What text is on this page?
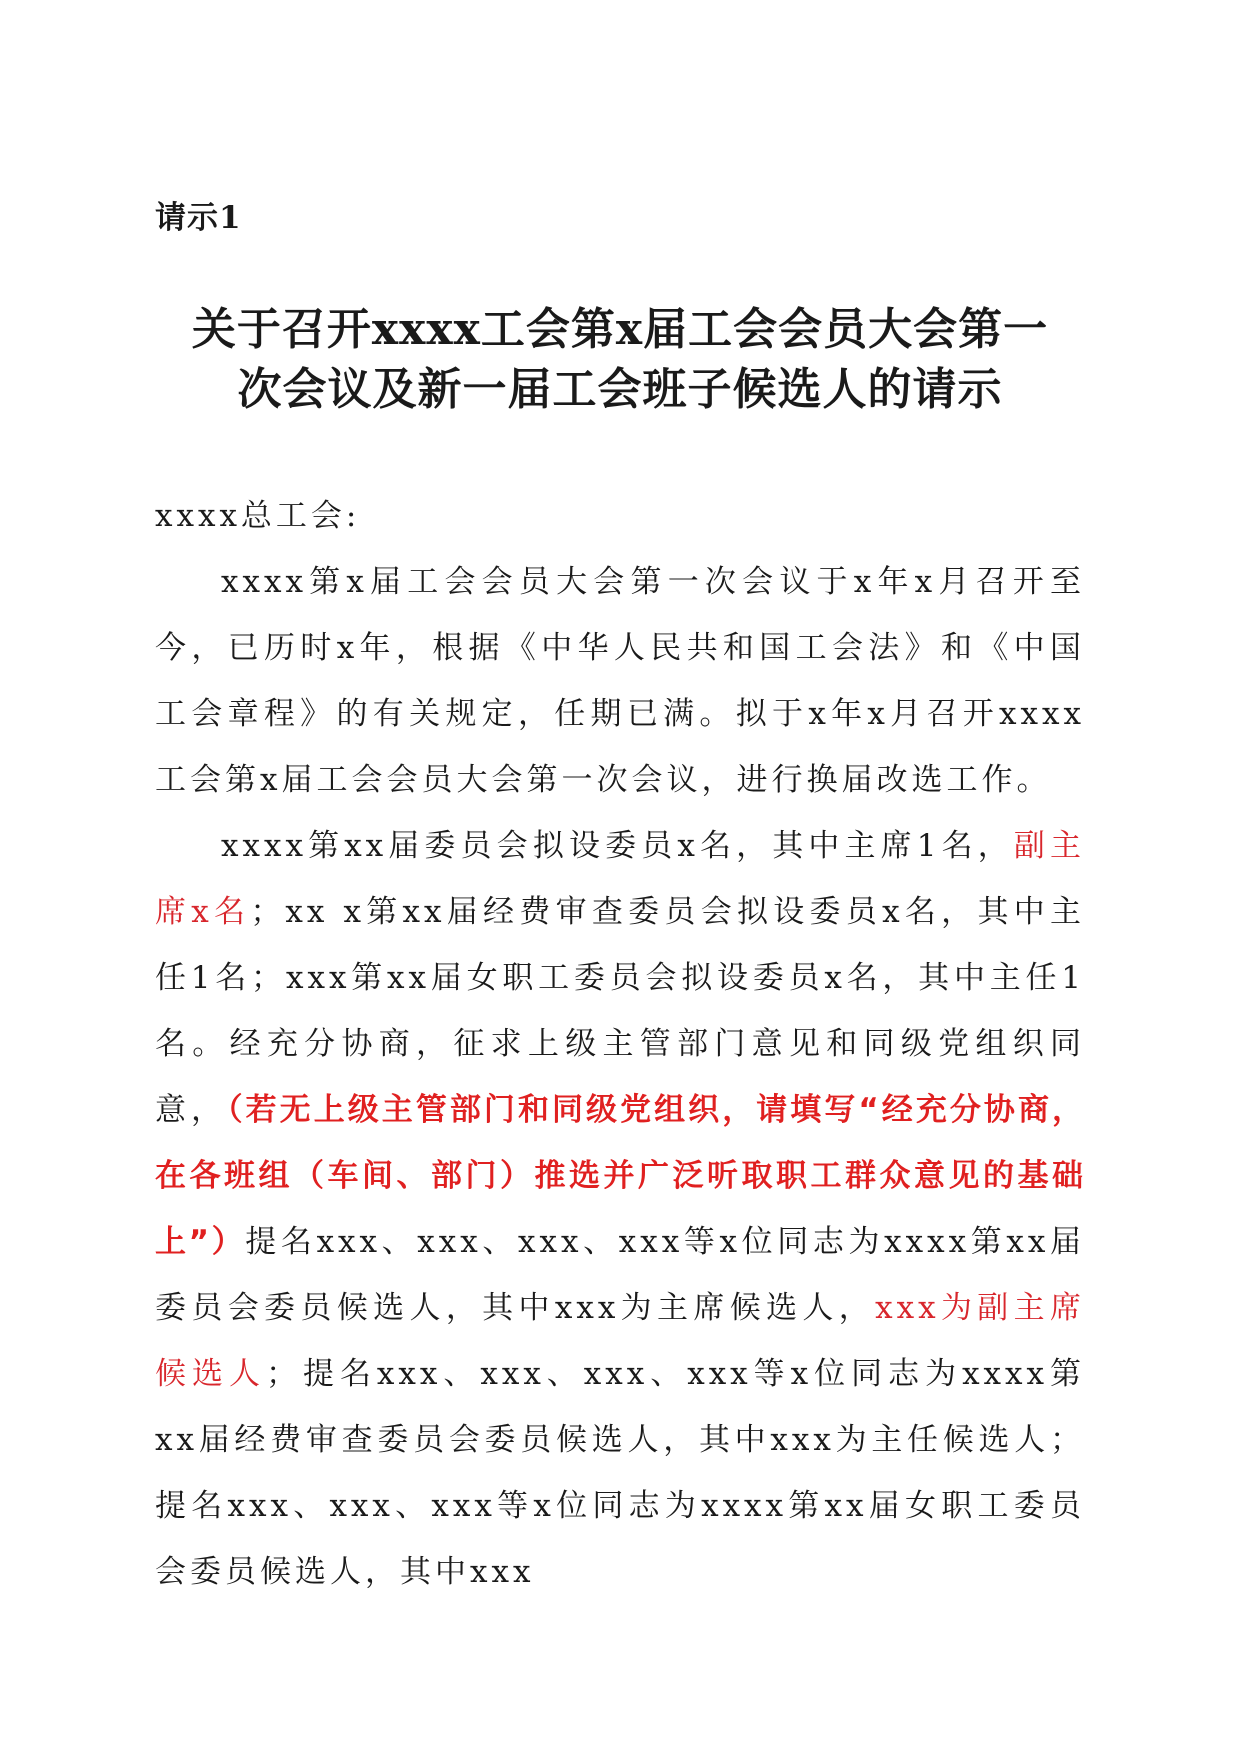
请示1
关于召开xxxx工会第x届工会会员大会第一
次会议及新一届工会班子候选人的请示

xxxx总工会:

xxxx第x届工会会员大会第一次会议于x年x月召开至今，已历时x年，根据《中华人民共和国工会法》和《中国工会章程》的有关规定，任期已满。拟于x年x月召开xxxx工会第x届工会会员大会第一次会议，进行换届改选工作。

xxxx第xx届委员会拟设委员x名，其中主席1名，副主席x名；xx x第xx届经费审查委员会拟设委员x名，其中主任1名；xxx第xx届女职工委员会拟设委员x名，其中主任1名。经充分协商，征求上级主管部门意见和同级党组织同意，（若无上级主管部门和同级党组织，请填写“经充分协商，在各班组（车间、部门）推选并广泛听取职工群众意见的基础上”）提名xxx、xxx、xxx、xxx等x位同志为xxxx第xx届委员会委员候选人，其中xxx为主席候选人，xxx为副主席候选人；提名xxx、xxx、xxx、xxx等x位同志为xxxx第xx届经费审查委员会委员候选人，其中xxx为主任候选人；提名xxx、xxx、xxx等x位同志为xxxx第xx届女职工委员会委员候选人，其中xxx
